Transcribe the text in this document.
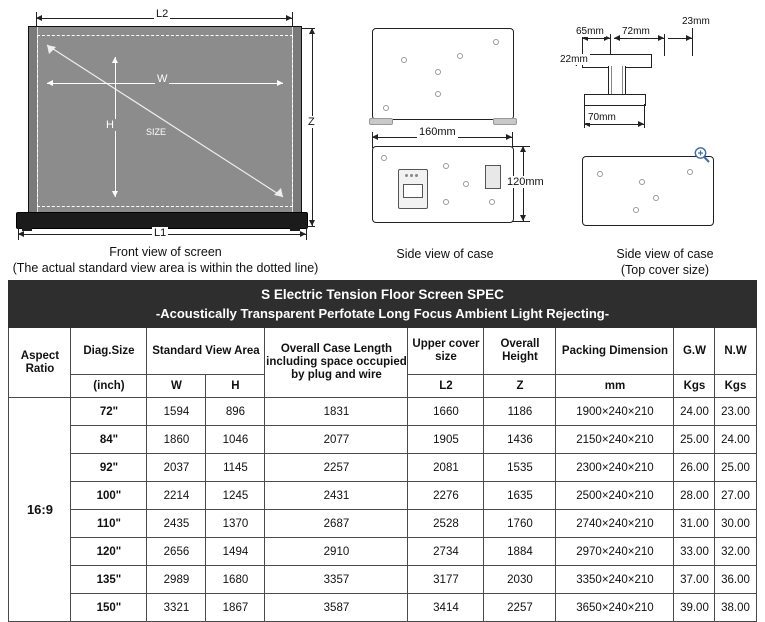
L2
SIZE
W
H	Z
L1
Front view of screen
(The actual standard view area is within the dotted line)
160mm
120mm
Side view of case
65mm 72mm
23mm
22mm
70mm
Side view of case
(Top cover size)
S Electric Tension Floor Screen SPEC
-Acoustically Transparent Perfotate Long Focus Ambient Light Rejecting-									

Aspect Ratio	Diag.Size	Standard View Area		Overall Case Length including space occupied by plug and wire	Upper cover size	Overall Height	Packing Dimension	G.W	N.W
	(inch)	W	H		L2	Z	mm	Kgs	Kgs
16:9	72"	1594	896	1831	1660	1186	1900×240×210	24.00	23.00
	84"	1860	1046	2077	1905	1436	2150×240×210	25.00	24.00
	92"	2037	1145	2257	2081	1535	2300×240×210	26.00	25.00
	100"	2214	1245	2431	2276	1635	2500×240×210	28.00	27.00
	110"	2435	1370	2687	2528	1760	2740×240×210	31.00	30.00
	120"	2656	1494	2910	2734	1884	2970×240×210	33.00	32.00
	135"	2989	1680	3357	3177	2030	3350×240×210	37.00	36.00
	150"	3321	1867	3587	3414	2257	3650×240×210	39.00	38.00
